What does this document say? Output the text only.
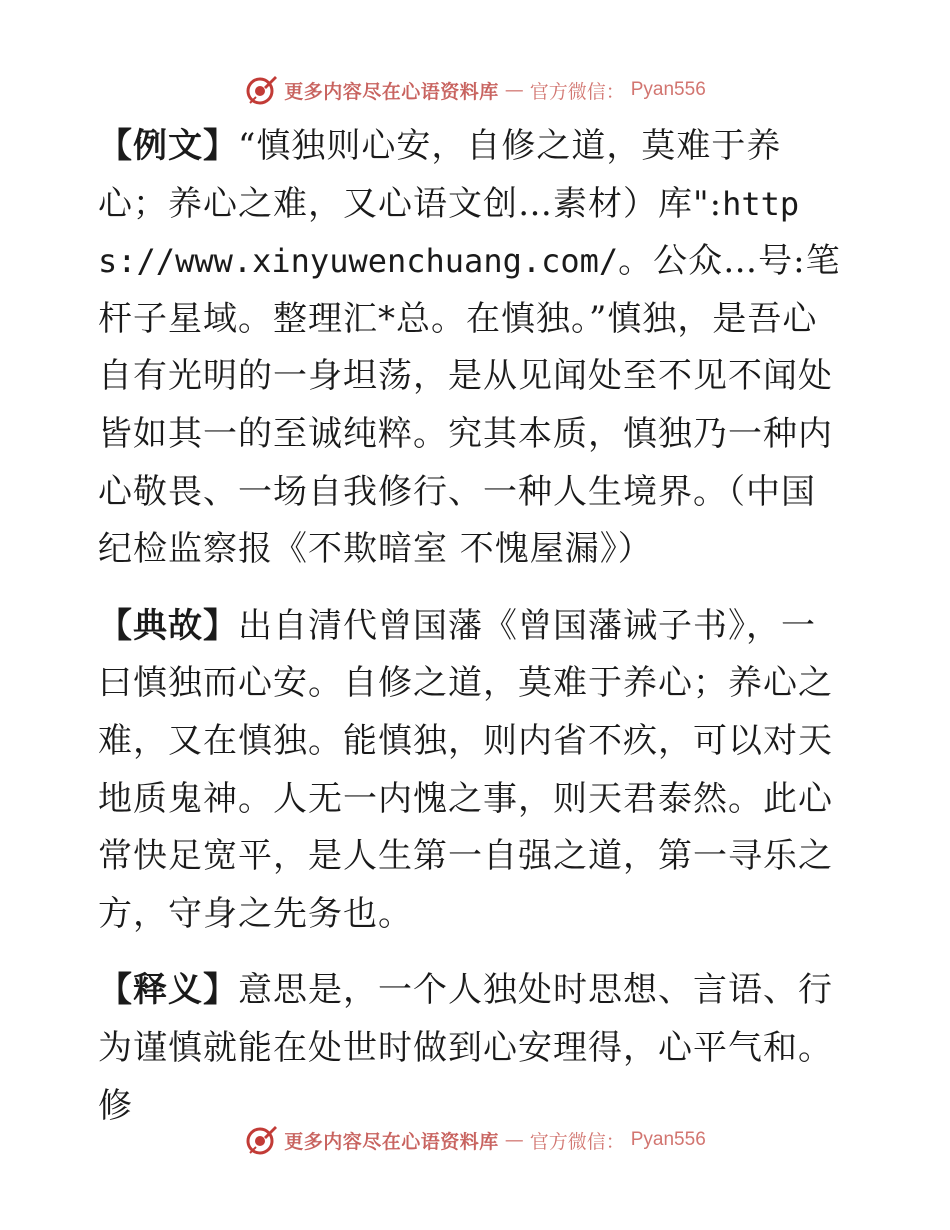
更多内容尽在心语资料库 — 官方微信： Pyan556

【例文】“慎独则心安，自修之道，莫难于养心；养心之难，又心语文创…素材）库":https://www.xinyuwenchuang.com/。公众…号:笔杆子星域。整理汇*总。在慎独。”慎独，是吾心自有光明的一身坦荡，是从见闻处至不见不闻处皆如其一的至诚纯粹。究其本质，慎独乃一种内心敬畏、一场自我修行、一种人生境界。（中国纪检监察报《不欺暗室 不愧屋漏》）

【典故】出自清代曾国藩《曾国藩诫子书》，一曰慎独而心安。自修之道，莫难于养心；养心之难，又在慎独。能慎独，则内省不疚，可以对天地质鬼神。人无一内愧之事，则天君泰然。此心常快足宽平，是人生第一自强之道，第一寻乐之方，守身之先务也。

【释义】意思是，一个人独处时思想、言语、行为谨慎就能在处世时做到心安理得，心平气和。修

更多内容尽在心语资料库 — 官方微信： Pyan556
